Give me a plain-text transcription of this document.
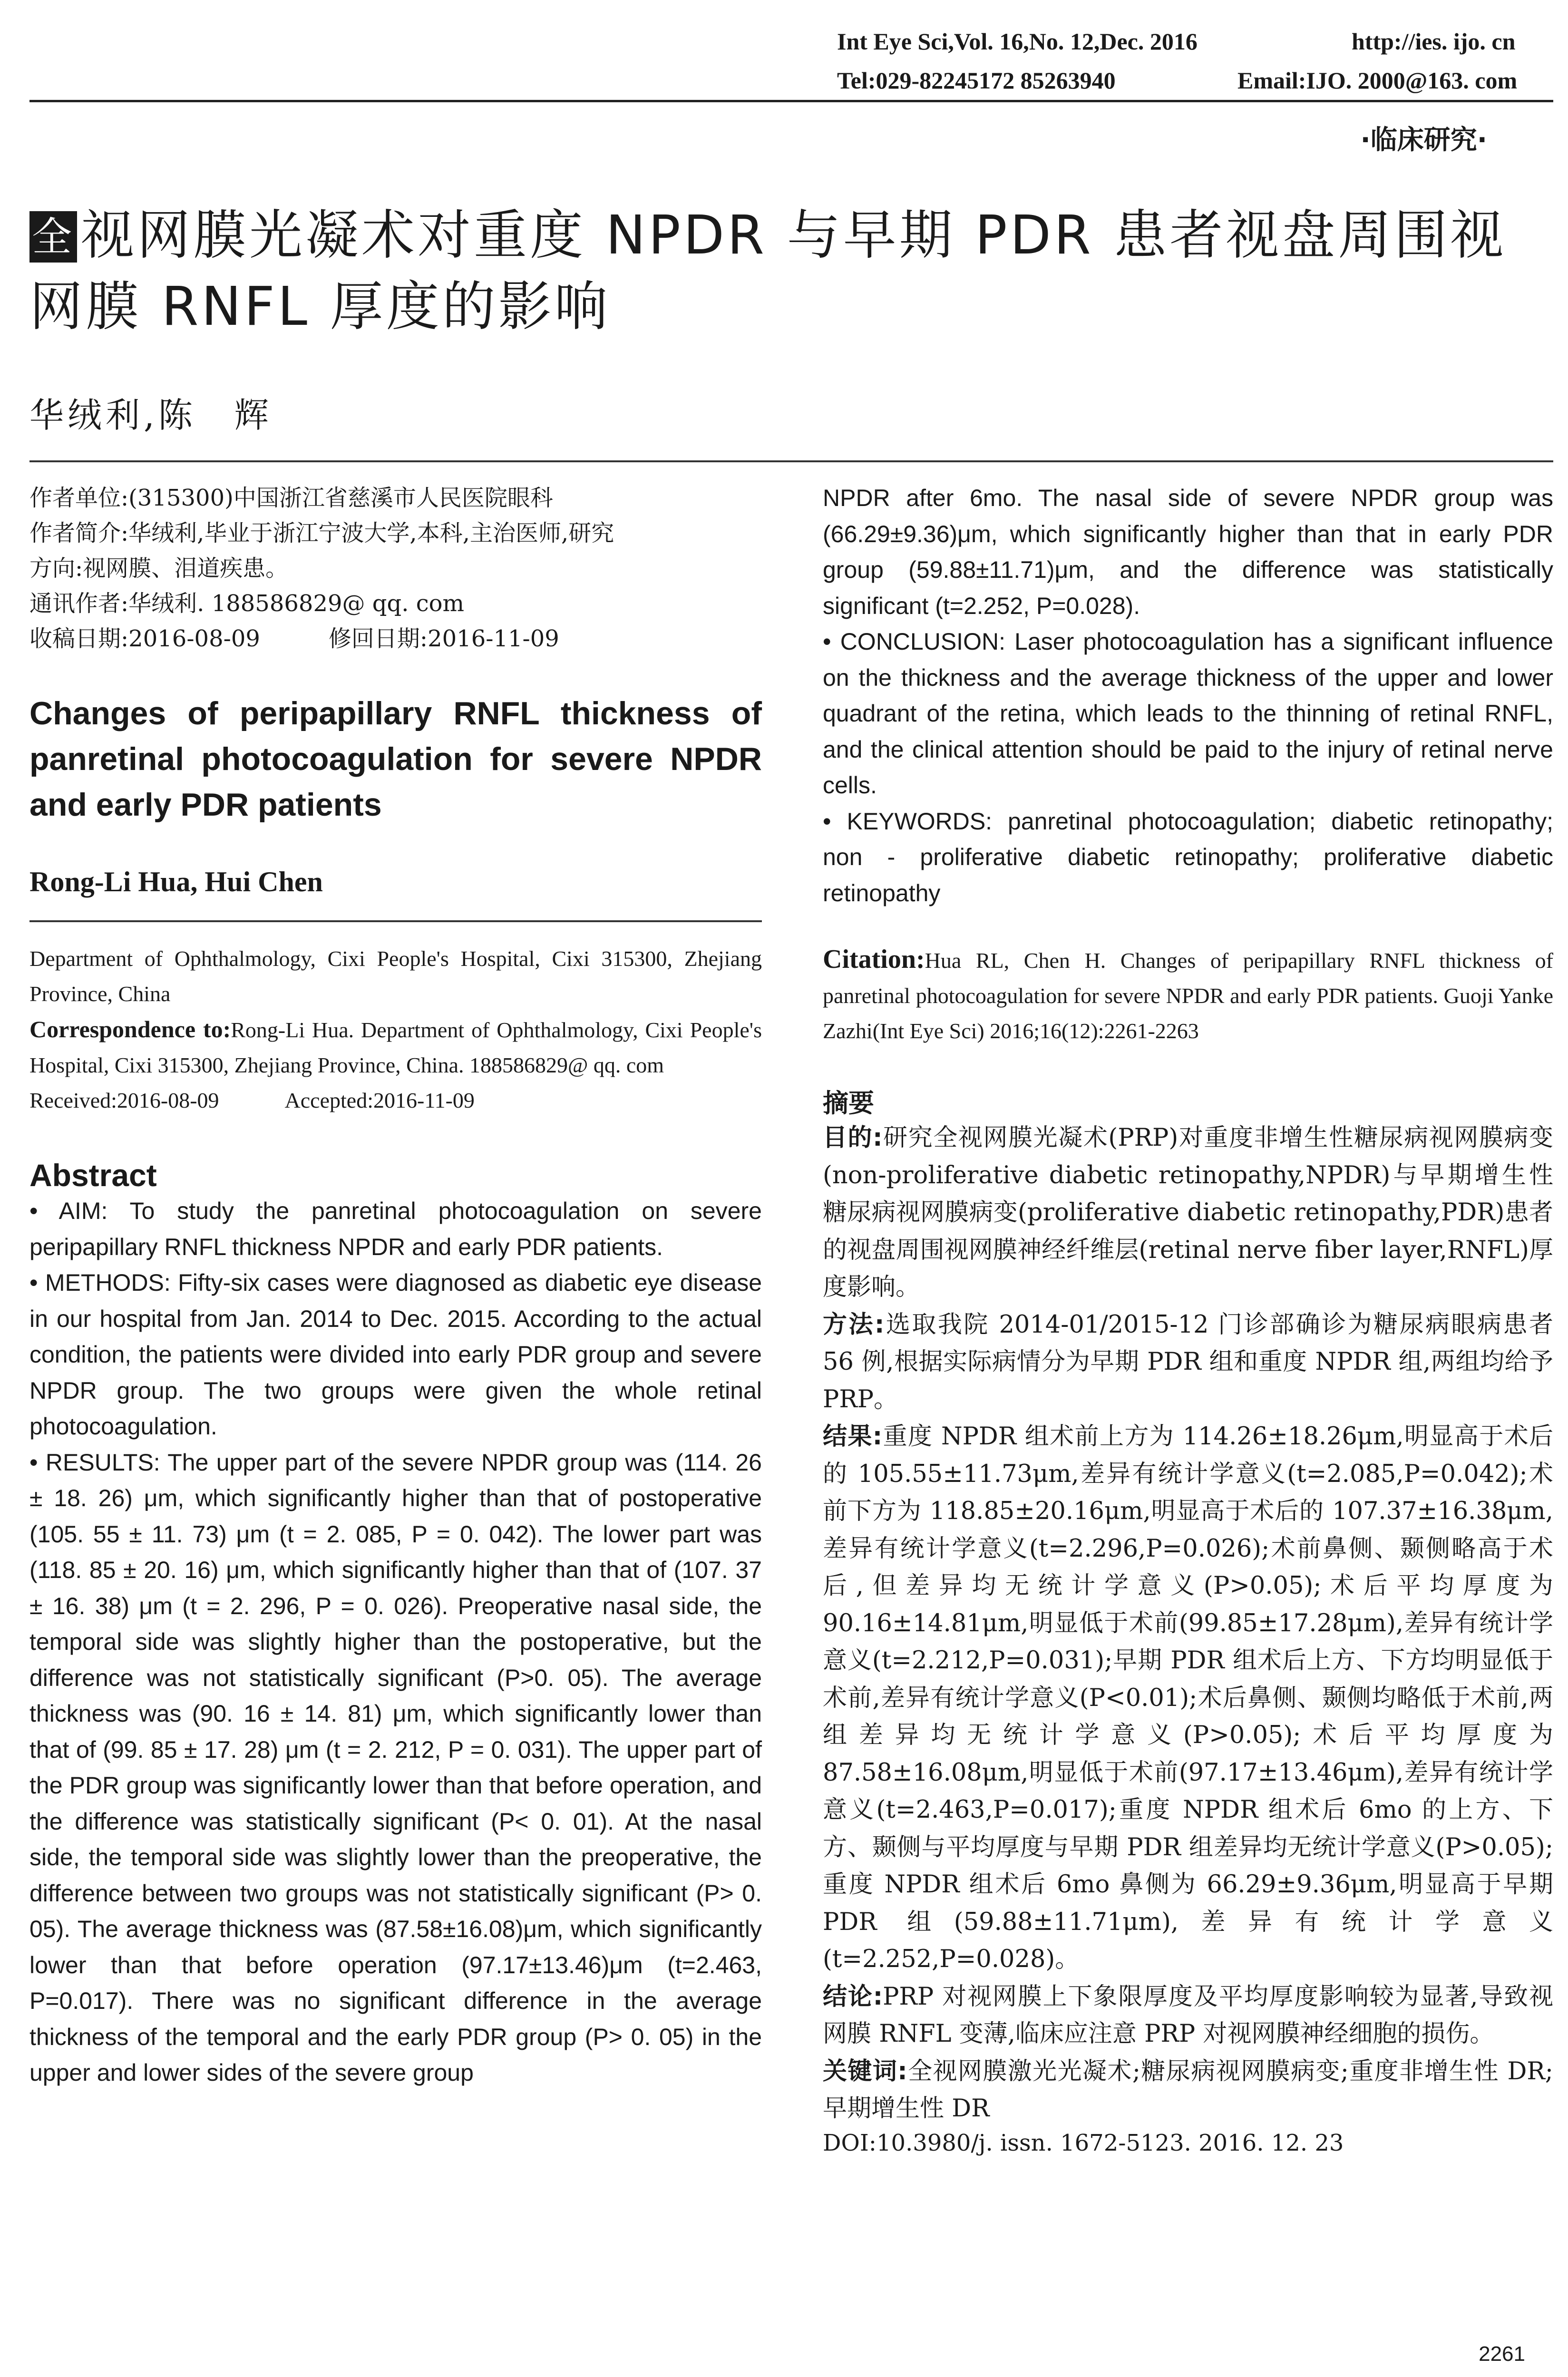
Int Eye Sci,Vol. 16,No. 12,Dec. 2016	http://ies. ijo. cn
Tel:029-82245172 85263940	Email:IJO. 2000@163. com
·临床研究·
全 视网膜光凝术对重度 NPDR 与早期 PDR 患者视盘周围视网膜 RNFL 厚度的影响
华绒利,陈　辉
作者单位:(315300)中国浙江省慈溪市人民医院眼科
作者简介:华绒利,毕业于浙江宁波大学,本科,主治医师,研究
方向:视网膜、泪道疾患。
通讯作者:华绒利. 188586829@ qq. com
收稿日期:2016-08-09　　　修回日期:2016-11-09
Changes of peripapillary RNFL thickness of panretinal photocoagulation for severe NPDR and early PDR patients
Rong-Li Hua, Hui Chen
Department of Ophthalmology, Cixi People's Hospital, Cixi 315300, Zhejiang Province, China
Correspondence to:Rong-Li Hua. Department of Ophthalmology, Cixi People's Hospital, Cixi 315300, Zhejiang Province, China. 188586829@ qq. com
Received:2016-08-09　　　Accepted:2016-11-09
Abstract

• AIM: To study the panretinal photocoagulation on severe peripapillary RNFL thickness NPDR and early PDR patients.

• METHODS: Fifty-six cases were diagnosed as diabetic eye disease in our hospital from Jan. 2014 to Dec. 2015. According to the actual condition, the patients were divided into early PDR group and severe NPDR group. The two groups were given the whole retinal photocoagulation.

• RESULTS: The upper part of the severe NPDR group was (114. 26 ± 18. 26) μm, which significantly higher than that of postoperative (105. 55 ± 11. 73) μm (t = 2. 085, P = 0. 042). The lower part was (118. 85 ± 20. 16) μm, which significantly higher than that of (107. 37 ± 16. 38) μm (t = 2. 296, P = 0. 026). Preoperative nasal side, the temporal side was slightly higher than the postoperative, but the difference was not statistically significant (P>0. 05). The average thickness was (90. 16 ± 14. 81) μm, which significantly lower than that of (99. 85 ± 17. 28) μm (t = 2. 212, P = 0. 031). The upper part of the PDR group was significantly lower than that before operation, and the difference was statistically significant (P< 0. 01). At the nasal side, the temporal side was slightly lower than the preoperative, the difference between two groups was not statistically significant (P> 0. 05). The average thickness was (87.58±16.08)μm, which significantly lower than that before operation (97.17±13.46)μm (t=2.463, P=0.017). There was no significant difference in the average thickness of the temporal and the early PDR group (P> 0. 05) in the upper and lower sides of the severe group

NPDR after 6mo. The nasal side of severe NPDR group was (66.29±9.36)μm, which significantly higher than that in early PDR group (59.88±11.71)μm, and the difference was statistically significant (t=2.252, P=0.028).

• CONCLUSION: Laser photocoagulation has a significant influence on the thickness and the average thickness of the upper and lower quadrant of the retina, which leads to the thinning of retinal RNFL, and the clinical attention should be paid to the injury of retinal nerve cells.

• KEYWORDS: panretinal photocoagulation; diabetic retinopathy; non - proliferative diabetic retinopathy; proliferative diabetic retinopathy

Citation:Hua RL, Chen H. Changes of peripapillary RNFL thickness of panretinal photocoagulation for severe NPDR and early PDR patients. Guoji Yanke Zazhi(Int Eye Sci) 2016;16(12):2261-2263
摘要

目的:研究全视网膜光凝术(PRP)对重度非增生性糖尿病视网膜病变(non-proliferative diabetic retinopathy,NPDR)与早期增生性糖尿病视网膜病变(proliferative diabetic retinopathy,PDR)患者的视盘周围视网膜神经纤维层(retinal nerve fiber layer,RNFL)厚度影响。

方法:选取我院 2014-01/2015-12 门诊部确诊为糖尿病眼病患者 56 例,根据实际病情分为早期 PDR 组和重度 NPDR 组,两组均给予 PRP。

结果:重度 NPDR 组术前上方为 114.26±18.26μm,明显高于术后的 105.55±11.73μm,差异有统计学意义(t=2.085,P=0.042);术前下方为 118.85±20.16μm,明显高于术后的 107.37±16.38μm,差异有统计学意义(t=2.296,P=0.026);术前鼻侧、颞侧略高于术后,但差异均无统计学意义(P>0.05);术后平均厚度为 90.16±14.81μm,明显低于术前(99.85±17.28μm),差异有统计学意义(t=2.212,P=0.031);早期 PDR 组术后上方、下方均明显低于术前,差异有统计学意义(P<0.01);术后鼻侧、颞侧均略低于术前,两组差异均无统计学意义(P>0.05);术后平均厚度为 87.58±16.08μm,明显低于术前(97.17±13.46μm),差异有统计学意义(t=2.463,P=0.017);重度 NPDR 组术后 6mo 的上方、下方、颞侧与平均厚度与早期 PDR 组差异均无统计学意义(P>0.05);重度 NPDR 组术后 6mo 鼻侧为 66.29±9.36μm,明显高于早期 PDR 组(59.88±11.71μm),差异有统计学意义(t=2.252,P=0.028)。

结论:PRP 对视网膜上下象限厚度及平均厚度影响较为显著,导致视网膜 RNFL 变薄,临床应注意 PRP 对视网膜神经细胞的损伤。

关键词:全视网膜激光光凝术;糖尿病视网膜病变;重度非增生性 DR;早期增生性 DR

DOI:10.3980/j. issn. 1672-5123. 2016. 12. 23
2261
